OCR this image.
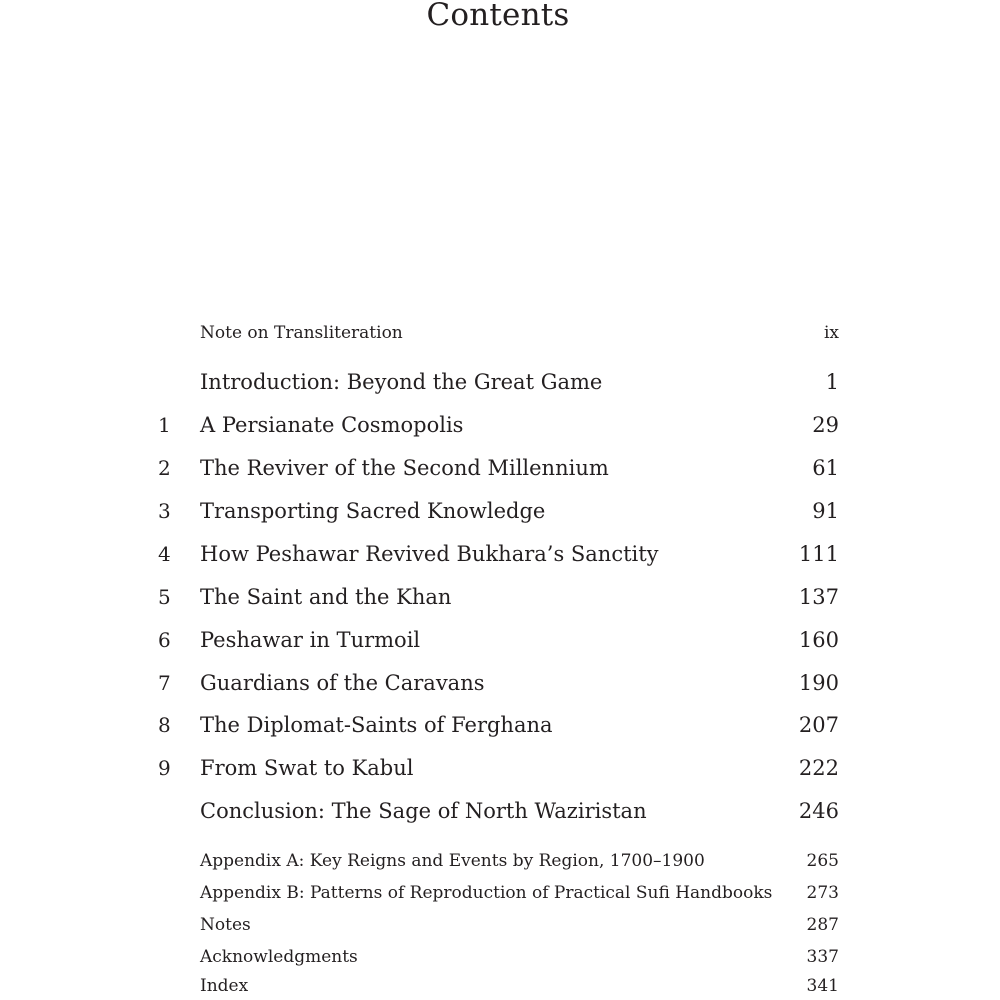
Contents
Note on Transliteration	ix
Introduction: Beyond the Great Game	1
1	A Persianate Cosmopolis	29
2	The Reviver of the Second Millennium	61
3	Transporting Sacred Knowledge	91
4	How Peshawar Revived Bukhara’s Sanctity	111
5	The Saint and the Khan	137
6	Peshawar in Turmoil	160
7	Guardians of the Caravans	190
8	The Diplomat-Saints of Ferghana	207
9	From Swat to Kabul	222
Conclusion: The Sage of North Waziristan	246
Appendix A: Key Reigns and Events by Region, 1700–1900	265
Appendix B: Patterns of Reproduction of Practical Sufi Handbooks 273
Notes	287
Acknowledgments	337
Index	341
